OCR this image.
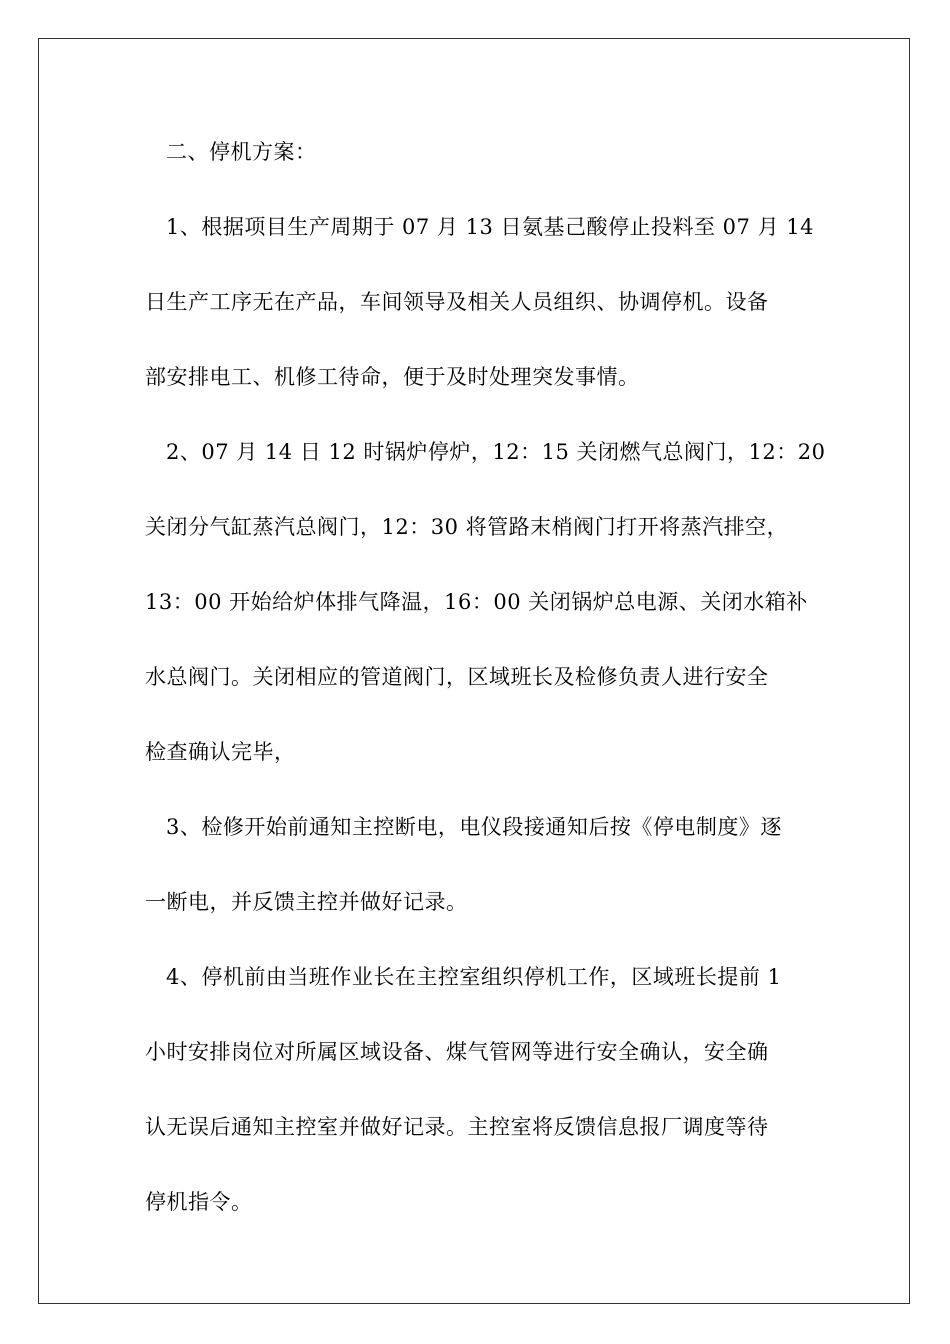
二、停机方案：
1、根据项目生产周期于 07 月 13 日氨基己酸停止投料至 07 月 14
日生产工序无在产品，车间领导及相关人员组织、协调停机。设备
部安排电工、机修工待命，便于及时处理突发事情。
2、07 月 14 日 12 时锅炉停炉，12：15 关闭燃气总阀门，12：20
关闭分气缸蒸汽总阀门，12：30 将管路末梢阀门打开将蒸汽排空，
13：00 开始给炉体排气降温，16：00 关闭锅炉总电源、关闭水箱补
水总阀门。关闭相应的管道阀门，区域班长及检修负责人进行安全
检查确认完毕，
3、检修开始前通知主控断电，电仪段接通知后按《停电制度》逐
一断电，并反馈主控并做好记录。
4、停机前由当班作业长在主控室组织停机工作，区域班长提前 1
小时安排岗位对所属区域设备、煤气管网等进行安全确认，安全确
认无误后通知主控室并做好记录。主控室将反馈信息报厂调度等待
停机指令。
